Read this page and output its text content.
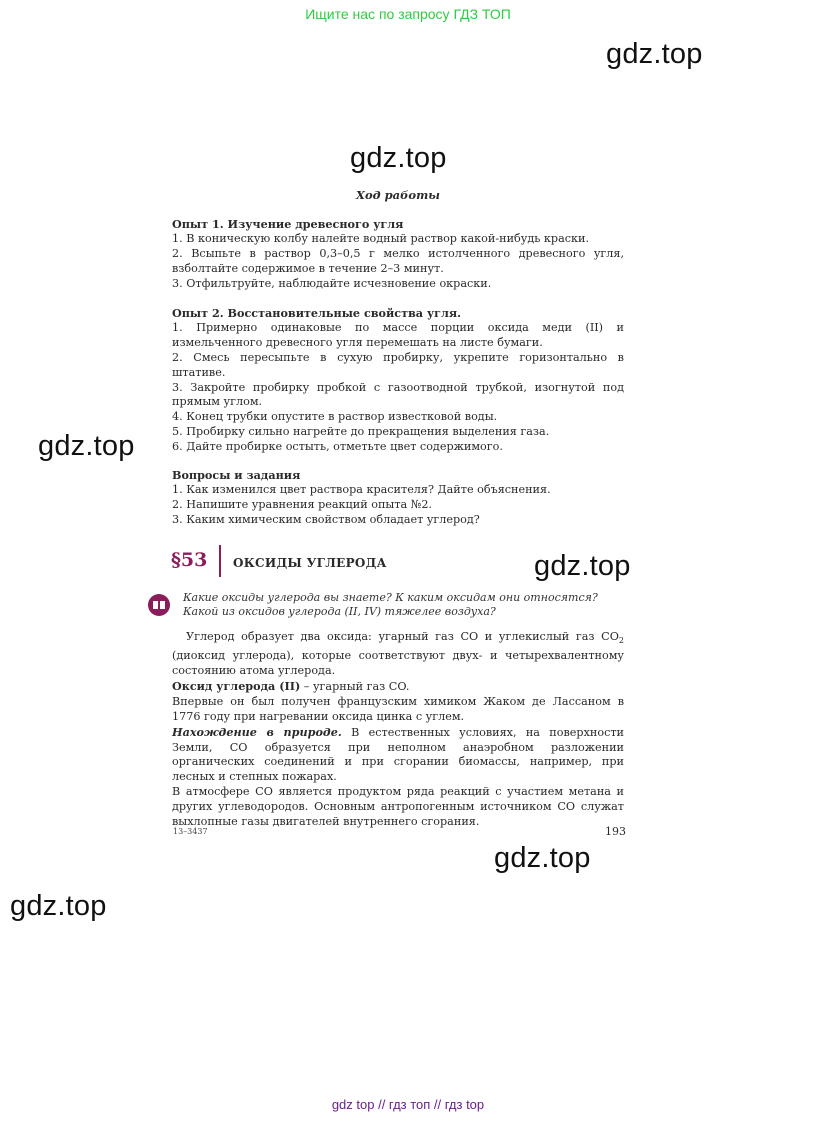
Ищите нас по запросу ГДЗ ТОП
gdz.top
gdz.top
gdz.top
gdz.top
gdz.top
gdz.top
Ход работы

Опыт 1. Изучение древесного угля

1. В коническую колбу налейте водный раствор какой-нибудь краски.

2. Всыпьте в раствор 0,3–0,5 г мелко истолченного древесного угля, взболтайте содержимое в течение 2–3 минут.

3. Отфильтруйте, наблюдайте исчезновение окраски.

Опыт 2. Восстановительные свойства угля.

1. Примерно одинаковые по массе порции оксида меди (II) и измельченного древесного угля перемешать на листе бумаги.

2. Смесь пересыпьте в сухую пробирку, укрепите горизонтально в штативе.

3. Закройте пробирку пробкой с газоотводной трубкой, изогнутой под прямым углом.

4. Конец трубки опустите в раствор известковой воды.

5. Пробирку сильно нагрейте до прекращения выделения газа.

6. Дайте пробирке остыть, отметьте цвет содержимого.

Вопросы и задания

1. Как изменился цвет раствора красителя? Дайте объяснения.

2. Напишите уравнения реакций опыта №2.

3. Каким химическим свойством обладает углерод?

§53 ОКСИДЫ УГЛЕРОДА
Какие оксиды углерода вы знаете? К каким оксидам они относятся? Какой из оксидов углерода (II, IV) тяжелее воздуха?

Углерод образует два оксида: угарный газ CO и углекислый газ $CO_2$ (диоксид углерода), которые соответствуют двух- и четырехвалентному состоянию атома углерода.

Оксид углерода (II) – угарный газ CO.

Впервые он был получен французским химиком Жаком де Лассаном в 1776 году при нагревании оксида цинка с углем.

Нахождение в природе. В естественных условиях, на поверхности Земли, CO образуется при неполном анаэробном разложении органических соединений и при сгорании биомассы, например, при лесных и степных пожарах.

В атмосфере CO является продуктом ряда реакций с участием метана и других углеводородов. Основным антропогенным источником CO служат выхлопные газы двигателей внутреннего сгорания.

13–3437	193
gdz top // гдз топ // гдз top
